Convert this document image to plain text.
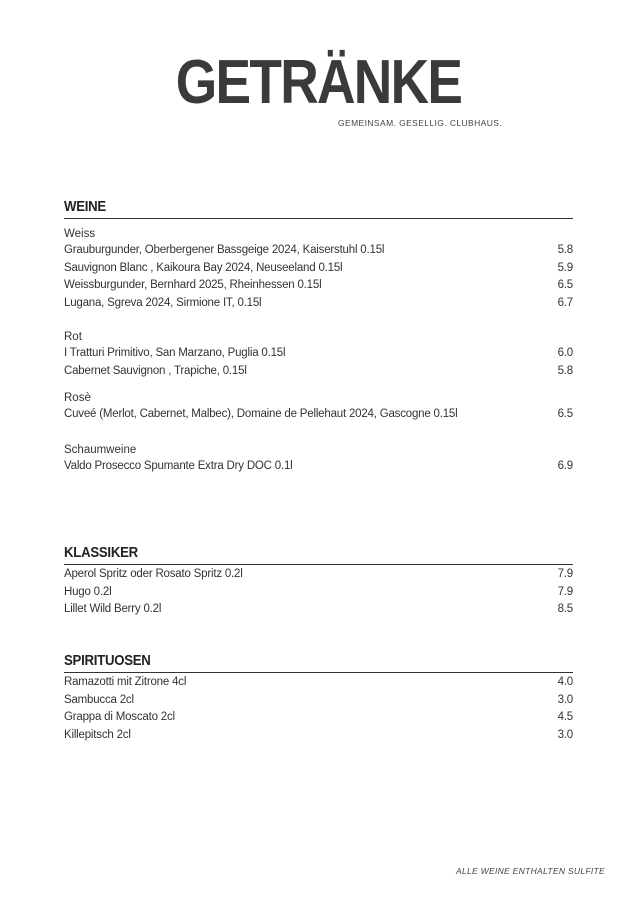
GETRÄNKE
GEMEINSAM. GESELLIG. CLUBHAUS.
WEINE
Weiss
Grauburgunder, Oberbergener Bassgeige 2024, Kaiserstuhl 0.15l	5.8
Sauvignon Blanc , Kaikoura Bay 2024, Neuseeland 0.15l	5.9
Weissburgunder, Bernhard 2025, Rheinhessen 0.15l	6.5
Lugana, Sgreva 2024, Sirmione IT, 0.15l	6.7
Rot
I Tratturi Primitivo, San Marzano, Puglia 0.15l	6.0
Cabernet Sauvignon , Trapiche, 0.15l	5.8
Rosè
Cuveé (Merlot, Cabernet, Malbec), Domaine de Pellehaut 2024, Gascogne 0.15l	6.5
Schaumweine
Valdo Prosecco Spumante Extra Dry DOC 0.1l	6.9
KLASSIKER
Aperol Spritz oder Rosato Spritz 0.2l	7.9
Hugo 0.2l	7.9
Lillet Wild Berry 0.2l	8.5
SPIRITUOSEN
Ramazotti mit Zitrone 4cl	4.0
Sambucca 2cl	3.0
Grappa di Moscato 2cl	4.5
Killepitsch 2cl	3.0
ALLE WEINE ENTHALTEN SULFITE
